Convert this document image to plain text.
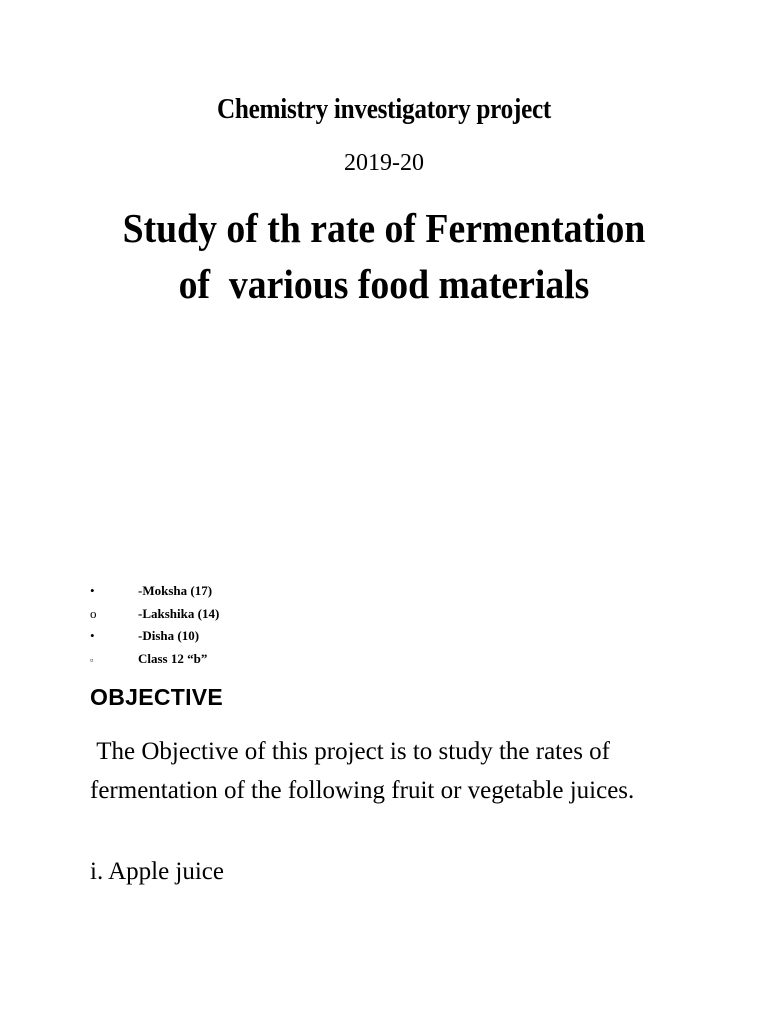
Chemistry investigatory project
2019-20
Study of th rate of Fermentation
of  various food materials
•	-Moksha (17)
o	-Lakshika (14)
•	-Disha (10)
▫	Class 12 “b”
OBJECTIVE

The Objective of this project is to study the rates of fermentation of the following fruit or vegetable juices.

i. Apple juice
